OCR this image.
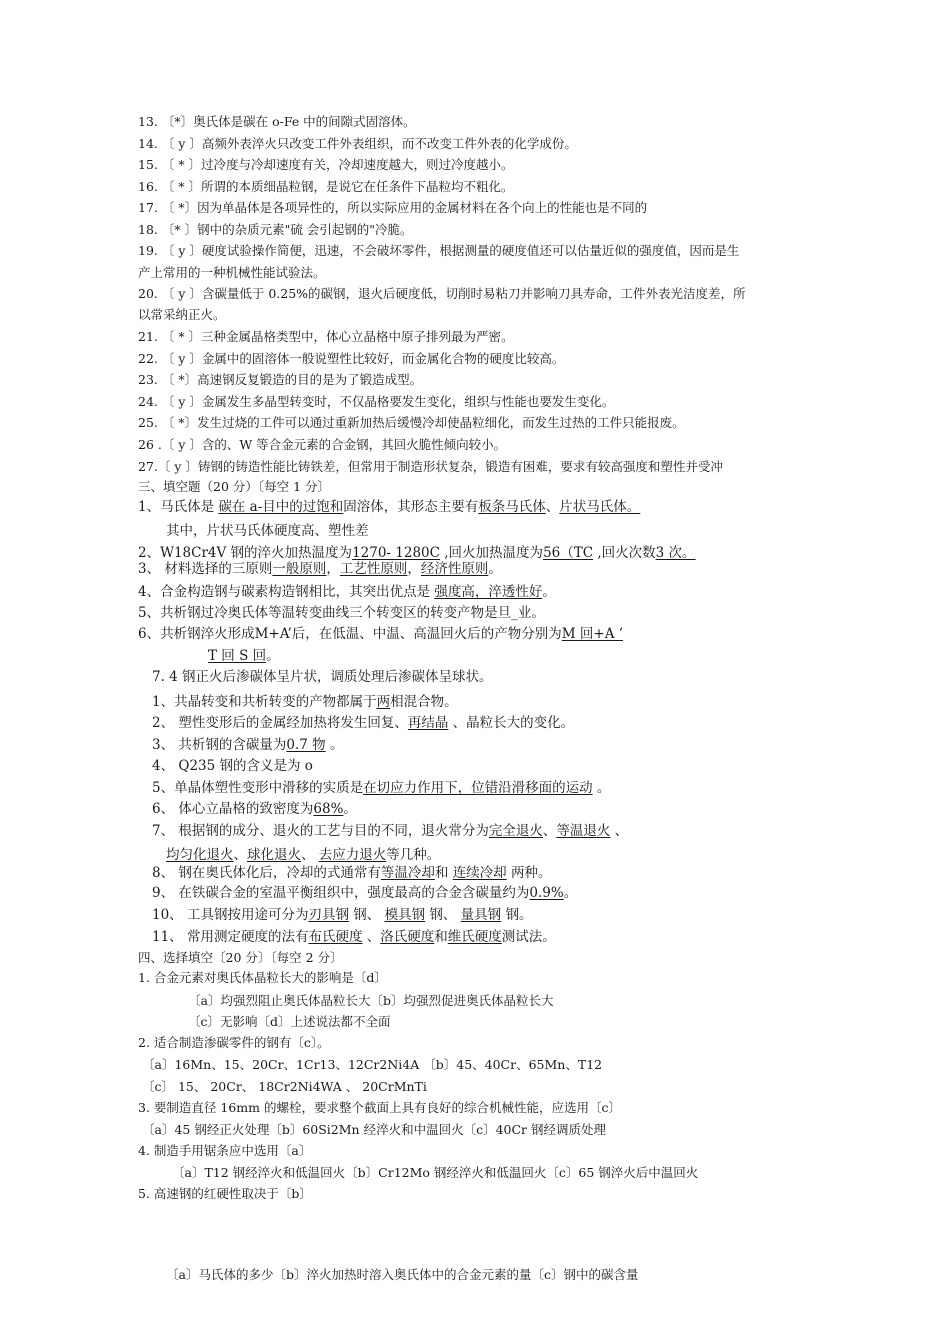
13. 〔*〕奥氏体是碳在 o-Fe 中的间隙式固溶体。
14. 〔 y 〕高频外表淬火只改变工件外表组织，而不改变工件外表的化学成份。
15. 〔 * 〕过冷度与冷却速度有关，冷却速度越大，则过冷度越小。
16. 〔 * 〕所谓的本质细晶粒钢，是说它在任条件下晶粒均不粗化。
17. 〔 *〕因为单晶体是各项异性的，所以实际应用的金属材料在各个向上的性能也是不同的
18. 〔* 〕钢中的杂质元素"硫 会引起钢的"冷脆。
19. 〔 y 〕硬度试验操作简便，迅速，不会破坏零件，根据测量的硬度值还可以估量近似的强度值，因而是生
产上常用的一种机械性能试验法。
20. 〔 y 〕含碳量低于 0.25%的碳钢，退火后硬度低，切削时易粘刀并影响刀具寿命，工件外表光洁度差，所
以常采纳正火。
21. 〔 * 〕三种金属晶格类型中，体心立晶格中原子排列最为严密。
22. 〔 y 〕金属中的固溶体一般说塑性比较好，而金属化合物的硬度比较高。
23. 〔 *〕高速钢反复锻造的目的是为了锻造成型。
24. 〔 y 〕金属发生多晶型转变时，不仅晶格要发生变化，组织与性能也要发生变化。
25. 〔 *〕发生过烧的工件可以通过重新加热后缓慢冷却使晶粒细化，而发生过热的工件只能报废。
26 .〔 y 〕含的、W 等合金元素的合金钢，其回火脆性倾向较小。
27.〔 y 〕铸钢的铸造性能比铸铁差，但常用于制造形状复杂，锻造有困难，要求有较高强度和塑性并受冲
三、填空题（20 分）〔每空 1 分〕
1、马氏体是 碳在 a-目中的过饱和固溶体，其形态主要有板条马氏体、片状马氏体。
其中，片状马氏体硬度高、塑性差
2、W18Cr4V 钢的淬火加热温度为1270- 1280C ,回火加热温度为56（TC ,回火次数3 次。
3、 材料选择的三原则一般原则，工艺性原则，经济性原则。
4、合金构造钢与碳素构造钢相比，其突出优点是 强度高，淬透性好。
5、共析钢过冷奥氏体等温转变曲线三个转变区的转变产物是旦_业。
6、共析钢淬火形成M+A’后，在低温、中温、高温回火后的产物分别为M 回+A ’
T 回 S 回。
7. 4 钢正火后渗碳体呈片状，调质处理后渗碳体呈球状。
1、共晶转变和共析转变的产物都属于两相混合物。
2、 塑性变形后的金属经加热将发生回复、再结晶 、晶粒长大的变化。
3、 共析钢的含碳量为0.7 物 。
4、 Q235 钢的含义是为 o
5、单晶体塑性变形中滑移的实质是在切应力作用下，位错沿滑移面的运动 。
6、 体心立晶格的致密度为68%。
7、 根据钢的成分、退火的工艺与目的不同，退火常分为完全退火、等温退火 、
均匀化退火、球化退火、 去应力退火等几种。
8、 钢在奥氏体化后，冷却的式通常有等温冷却和 连续冷却 两种。
9、 在铁碳合金的室温平衡组织中，强度最高的合金含碳量约为0.9%。
10、 工具钢按用途可分为刃具钢 钢、 模具钢 钢、 量具钢 钢。
11、 常用测定硬度的法有布氏硬度 、洛氏硬度和维氏硬度测试法。
四、选择填空〔20 分〕〔每空 2 分〕
1. 合金元素对奥氏体晶粒长大的影响是〔d〕
〔a〕均强烈阻止奥氏体晶粒长大〔b〕均强烈促进奥氏体晶粒长大
〔c〕无影响〔d〕上述说法都不全面
2. 适合制造渗碳零件的钢有〔c〕。
〔a〕16Mn、15、20Cr、1Cr13、12Cr2Ni4A 〔b〕45、40Cr、65Mn、T12
〔c〕 15、 20Cr、 18Cr2Ni4WA 、 20CrMnTi
3. 要制造直径 16mm 的螺栓，要求整个截面上具有良好的综合机械性能，应选用〔c〕
〔a〕45 钢经正火处理〔b〕60Si2Mn 经淬火和中温回火〔c〕40Cr 钢经调质处理
4. 制造手用锯条应中选用〔a〕
〔a〕T12 钢经淬火和低温回火〔b〕Cr12Mo 钢经淬火和低温回火〔c〕65 钢淬火后中温回火
5. 高速钢的红硬性取决于〔b〕
〔a〕马氏体的多少〔b〕淬火加热时溶入奥氏体中的合金元素的量〔c〕钢中的碳含量
